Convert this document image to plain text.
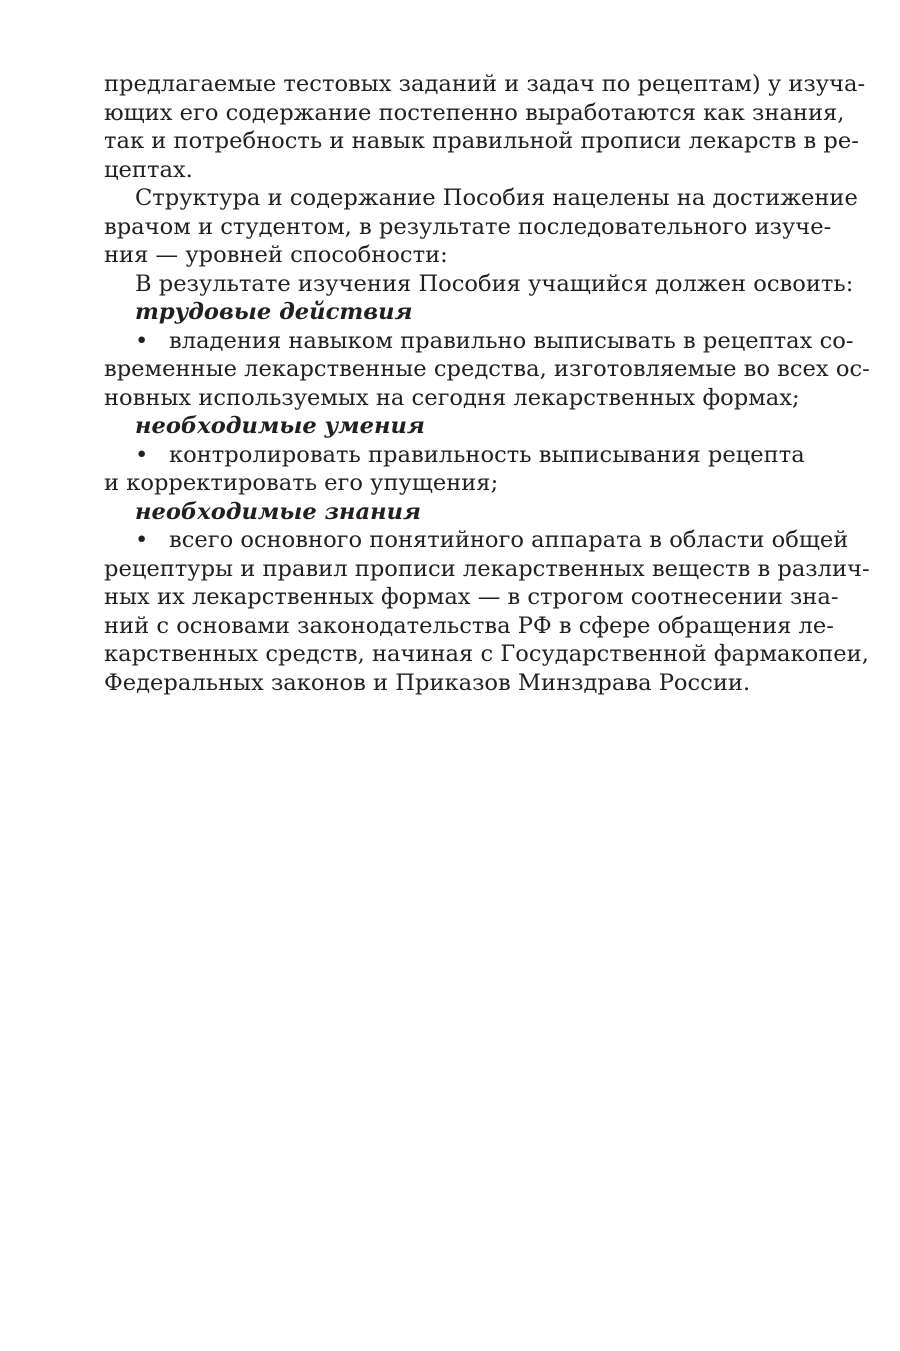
предлагаемые тестовых заданий и задач по рецептам) у изуча-
ющих его содержание постепенно выработаются как знания,
так и потребность и навык правильной прописи лекарств в ре-
цептах.
Структура и содержание Пособия нацелены на достижение
врачом и студентом, в результате последовательного изуче-
ния — уровней способности:
В результате изучения Пособия учащийся должен освоить:
трудовые действия
• владения навыком правильно выписывать в рецептах со-
временные лекарственные средства, изготовляемые во всех ос-
новных используемых на сегодня лекарственных формах;
необходимые умения
• контролировать правильность выписывания рецепта
и корректировать его упущения;
необходимые знания
• всего основного понятийного аппарата в области общей
рецептуры и правил прописи лекарственных веществ в различ-
ных их лекарственных формах — в строгом соотнесении зна-
ний с основами законодательства РФ в сфере обращения ле-
карственных средств, начиная с Государственной фармакопеи,
Федеральных законов и Приказов Минздрава России.
